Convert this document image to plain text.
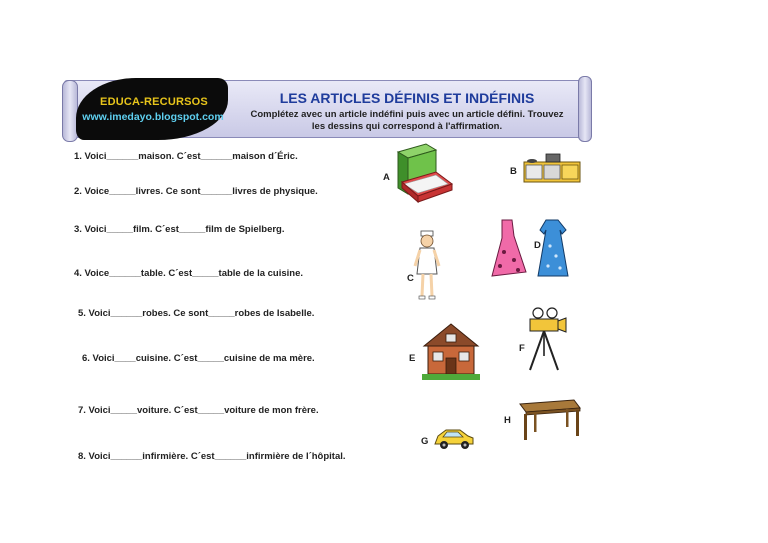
EDUCA-RECURSOS
www.imedayo.blogspot.com
LES ARTICLES DÉFINIS ET INDÉFINIS
Complétez avec un article indéfini puis avec un article défini. Trouvez
les dessins qui correspond à l'affirmation.
1. Voici______maison. C´est______maison d´Éric.
2. Voice_____livres. Ce sont______livres de physique.
3. Voici_____film. C´est_____film de Spielberg.
4. Voice______table. C´est_____table de la cuisine.
5. Voici______robes. Ce sont_____robes de Isabelle.
6. Voici____cuisine. C´est_____cuisine de ma mère.
7. Voici_____voiture. C´est_____voiture de mon frère.
8. Voici______infirmière. C´est______infirmière de l´hôpital.
A
B
C
D
E
F
G
H
